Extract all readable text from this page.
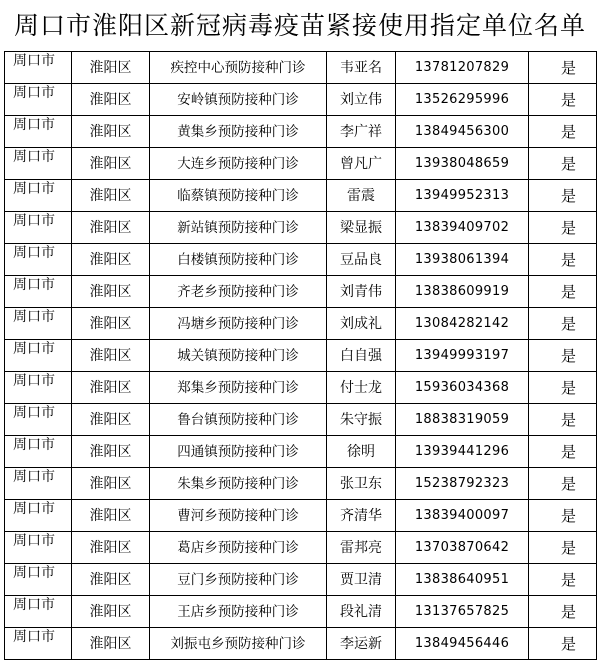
周口市淮阳区新冠病毒疫苗紧接使用指定单位名单
周口市	淮阳区	疾控中心预防接种门诊	韦亚名	13781207829	是
周口市	淮阳区	安岭镇预防接种门诊	刘立伟	13526295996	是
周口市	淮阳区	黄集乡预防接种门诊	李广祥	13849456300	是
周口市	淮阳区	大连乡预防接种门诊	曾凡广	13938048659	是
周口市	淮阳区	临蔡镇预防接种门诊	雷震	13949952313	是
周口市	淮阳区	新站镇预防接种门诊	梁显振	13839409702	是
周口市	淮阳区	白楼镇预防接种门诊	豆品良	13938061394	是
周口市	淮阳区	齐老乡预防接种门诊	刘青伟	13838609919	是
周口市	淮阳区	冯塘乡预防接种门诊	刘成礼	13084282142	是
周口市	淮阳区	城关镇预防接种门诊	白自强	13949993197	是
周口市	淮阳区	郑集乡预防接种门诊	付士龙	15936034368	是
周口市	淮阳区	鲁台镇预防接种门诊	朱守振	18838319059	是
周口市	淮阳区	四通镇预防接种门诊	徐明	13939441296	是
周口市	淮阳区	朱集乡预防接种门诊	张卫东	15238792323	是
周口市	淮阳区	曹河乡预防接种门诊	齐清华	13839400097	是
周口市	淮阳区	葛店乡预防接种门诊	雷邦亮	13703870642	是
周口市	淮阳区	豆门乡预防接种门诊	贾卫清	13838640951	是
周口市	淮阳区	王店乡预防接种门诊	段礼清	13137657825	是
周口市	淮阳区	刘振屯乡预防接种门诊	李运新	13849456446	是
